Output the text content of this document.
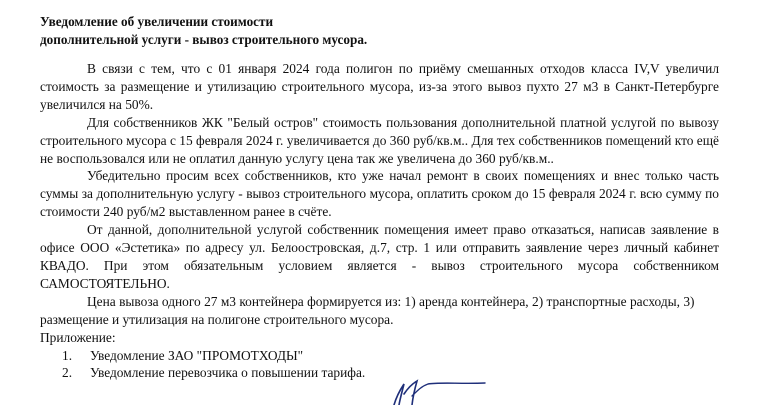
Уведомление об увеличении стоимости
дополнительной услуги - вывоз строительного мусора.

В связи с тем, что с 01 января 2024 года полигон по приёму смешанных отходов класса IV,V увеличил стоимость за размещение и утилизацию строительного мусора, из-за этого вывоз пухто 27 м3 в Санкт-Петербурге увеличился на 50%.

Для собственников ЖК "Белый остров" стоимость пользования дополнительной платной услугой по вывозу строительного мусора с 15 февраля 2024 г. увеличивается до 360 руб/кв.м.. Для тех собственников помещений кто ещё не воспользовался или не оплатил данную услугу цена так же увеличена до 360 руб/кв.м..

Убедительно просим всех собственников, кто уже начал ремонт в своих помещениях и внес только часть суммы за дополнительную услугу - вывоз строительного мусора, оплатить сроком до 15 февраля 2024 г. всю сумму по стоимости 240 руб/м2 выставленном ранее в счёте.

От данной, дополнительной услугой собственник помещения имеет право отказаться, написав заявление в офисе ООО «Эстетика» по адресу ул. Белоостровская, д.7, стр. 1 или отправить заявление через личный кабинет КВАДО. При этом обязательным условием является - вывоз строительного мусора собственником САМОСТОЯТЕЛЬНО.

Цена вывоза одного 27 м3 контейнера формируется из: 1) аренда контейнера, 2) транспортные расходы, 3) размещение и утилизация на полигоне строительного мусора.

Приложение:

1. Уведомление ЗАО "ПРОМОТХОДЫ"
2. Уведомление перевозчика о повышении тарифа.
